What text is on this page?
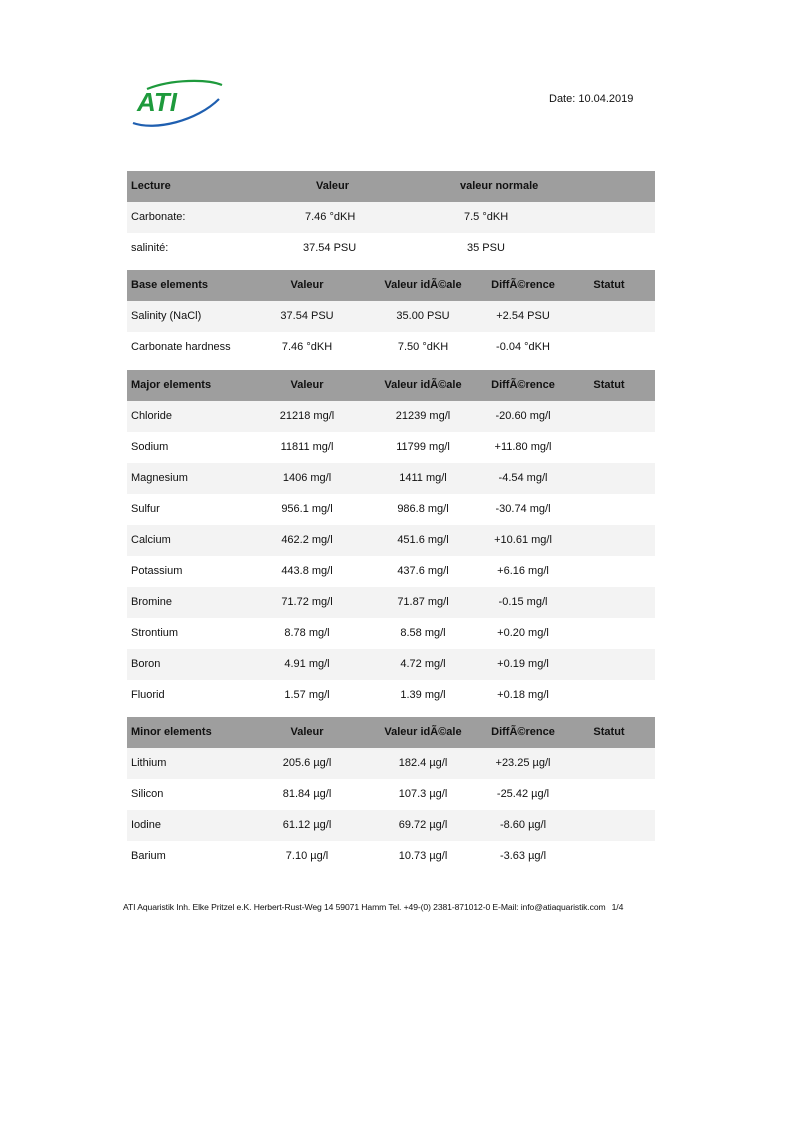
ATI	Date: 10.04.2019
Lecture	Valeur	valeur normale
Carbonate:	7.46 °dKH	7.5 °dKH
salinité:	37.54 PSU	35 PSU
Base elements	Valeur	Valeur idÃ©ale	DiffÃ©rence	Statut
Salinity (NaCl)	37.54 PSU	35.00 PSU	+2.54 PSU
Carbonate hardness	7.46 °dKH	7.50 °dKH	-0.04 °dKH
Major elements	Valeur	Valeur idÃ©ale	DiffÃ©rence	Statut
Chloride	21218 mg/l	21239 mg/l	-20.60 mg/l
Sodium	11811 mg/l	11799 mg/l	+11.80 mg/l
Magnesium	1406 mg/l	1411 mg/l	-4.54 mg/l
Sulfur	956.1 mg/l	986.8 mg/l	-30.74 mg/l
Calcium	462.2 mg/l	451.6 mg/l	+10.61 mg/l
Potassium	443.8 mg/l	437.6 mg/l	+6.16 mg/l
Bromine	71.72 mg/l	71.87 mg/l	-0.15 mg/l
Strontium	8.78 mg/l	8.58 mg/l	+0.20 mg/l
Boron	4.91 mg/l	4.72 mg/l	+0.19 mg/l
Fluorid	1.57 mg/l	1.39 mg/l	+0.18 mg/l
Minor elements	Valeur	Valeur idÃ©ale	DiffÃ©rence	Statut
Lithium	205.6 µg/l	182.4 µg/l	+23.25 µg/l
Silicon	81.84 µg/l	107.3 µg/l	-25.42 µg/l
Iodine	61.12 µg/l	69.72 µg/l	-8.60 µg/l
Barium	7.10 µg/l	10.73 µg/l	-3.63 µg/l
ATI Aquaristik Inh. Elke Pritzel e.K. Herbert-Rust-Weg 14 59071 Hamm Tel. +49-(0) 2381-871012-0 E-Mail: info@atiaquaristik.com 1/4
